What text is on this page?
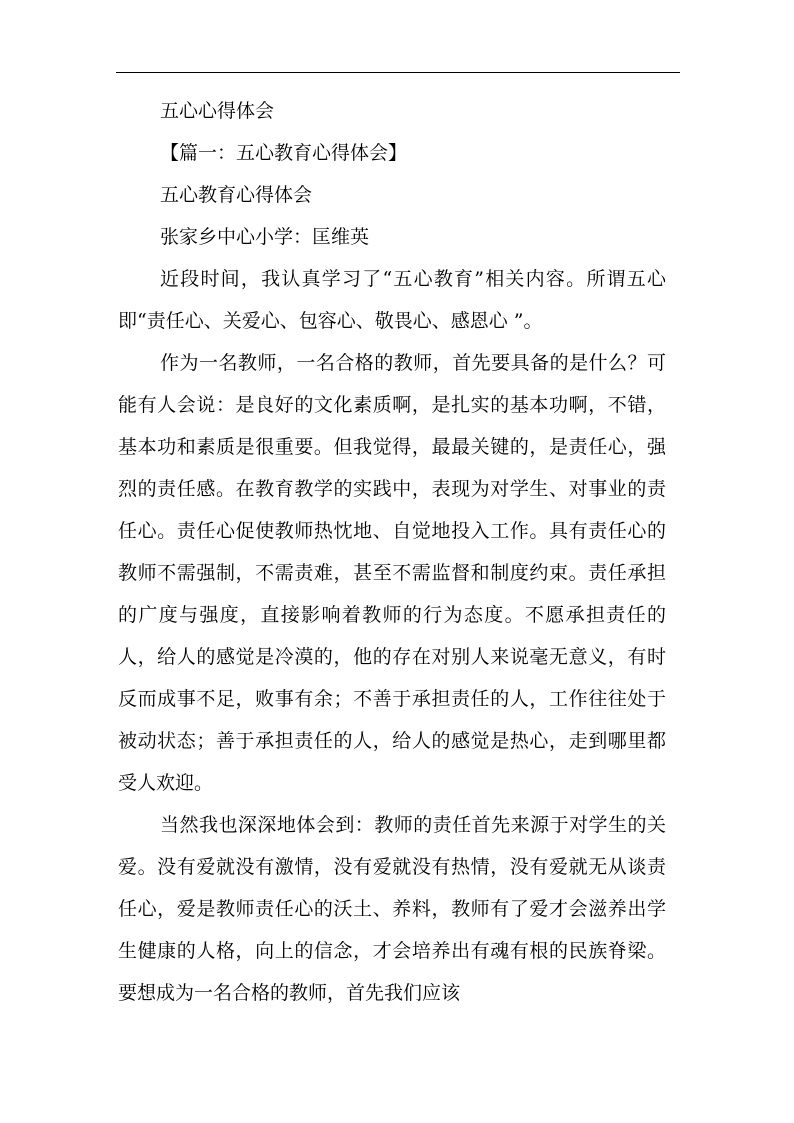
五心心得体会

【篇一：五心教育心得体会】

五心教育心得体会

张家乡中心小学：匡维英

近段时间，我认真学习了“五心教育”相关内容。所谓五心即“责任心、关爱心、包容心、敬畏心、感恩心 ”。

作为一名教师，一名合格的教师，首先要具备的是什么？可能有人会说：是良好的文化素质啊，是扎实的基本功啊，不错，基本功和素质是很重要。但我觉得，最最关键的，是责任心，强烈的责任感。在教育教学的实践中，表现为对学生、对事业的责任心。责任心促使教师热忱地、自觉地投入工作。具有责任心的教师不需强制，不需责难，甚至不需监督和制度约束。责任承担的广度与强度，直接影响着教师的行为态度。不愿承担责任的人，给人的感觉是冷漠的，他的存在对别人来说毫无意义，有时反而成事不足，败事有余；不善于承担责任的人，工作往往处于被动状态；善于承担责任的人，给人的感觉是热心，走到哪里都受人欢迎。

当然我也深深地体会到：教师的责任首先来源于对学生的关爱。没有爱就没有激情，没有爱就没有热情，没有爱就无从谈责任心，爱是教师责任心的沃土、养料，教师有了爱才会滋养出学生健康的人格，向上的信念，才会培养出有魂有根的民族脊梁。要想成为一名合格的教师，首先我们应该
